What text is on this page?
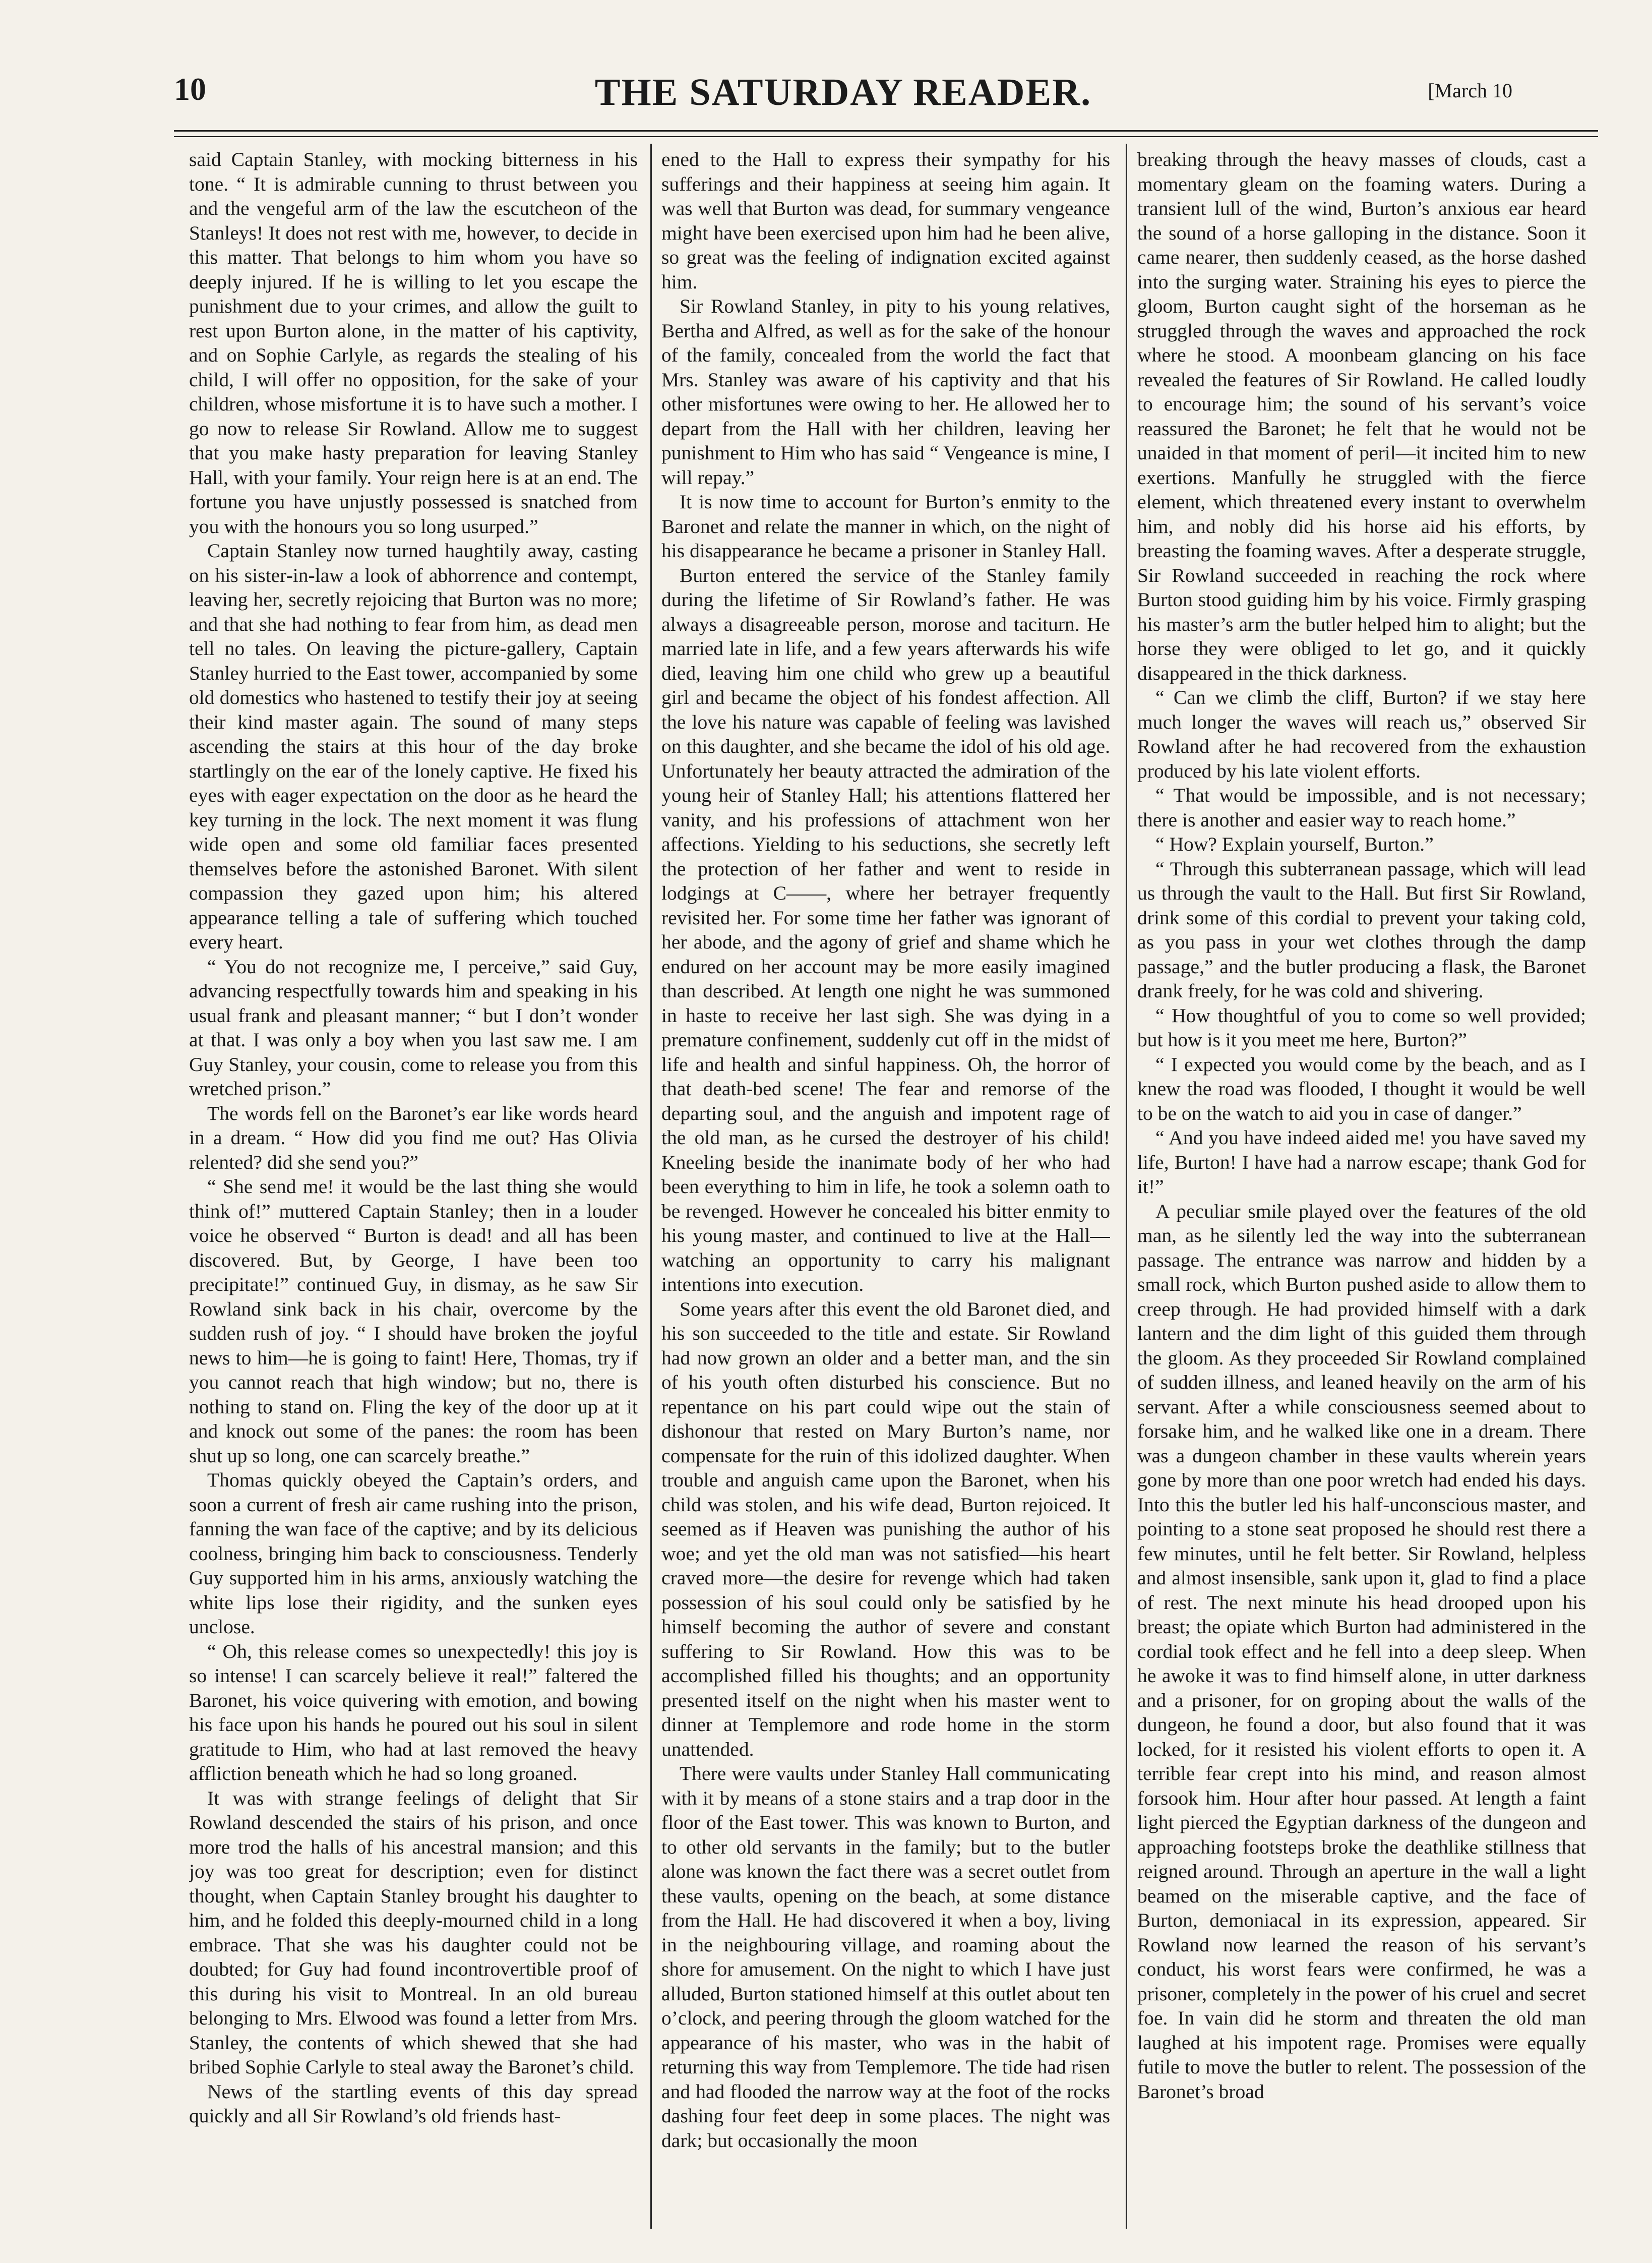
10	THE SATURDAY READER.	[March 10

said Captain Stanley, with mocking bitterness in his tone. “ It is admirable cunning to thrust between you and the vengeful arm of the law the escutcheon of the Stanleys! It does not rest with me, however, to decide in this matter. That belongs to him whom you have so deeply injured. If he is willing to let you escape the punishment due to your crimes, and allow the guilt to rest upon Burton alone, in the matter of his captivity, and on Sophie Carlyle, as regards the stealing of his child, I will offer no opposition, for the sake of your children, whose misfortune it is to have such a mother. I go now to release Sir Rowland. Allow me to suggest that you make hasty preparation for leaving Stanley Hall, with your family. Your reign here is at an end. The fortune you have unjustly possessed is snatched from you with the honours you so long usurped.”

Captain Stanley now turned haughtily away, casting on his sister-in-law a look of abhorrence and contempt, leaving her, secretly rejoicing that Burton was no more; and that she had nothing to fear from him, as dead men tell no tales. On leaving the picture-gallery, Captain Stanley hurried to the East tower, accompanied by some old domestics who hastened to testify their joy at seeing their kind master again. The sound of many steps ascending the stairs at this hour of the day broke startlingly on the ear of the lonely captive. He fixed his eyes with eager expectation on the door as he heard the key turning in the lock. The next moment it was flung wide open and some old familiar faces presented themselves before the astonished Baronet. With silent compassion they gazed upon him; his altered appearance telling a tale of suffering which touched every heart.

“ You do not recognize me, I perceive,” said Guy, advancing respectfully towards him and speaking in his usual frank and pleasant manner; “ but I don’t wonder at that. I was only a boy when you last saw me. I am Guy Stanley, your cousin, come to release you from this wretched prison.”

The words fell on the Baronet’s ear like words heard in a dream. “ How did you find me out? Has Olivia relented? did she send you?”

“ She send me! it would be the last thing she would think of!” muttered Captain Stanley; then in a louder voice he observed “ Burton is dead! and all has been discovered. But, by George, I have been too precipitate!” continued Guy, in dismay, as he saw Sir Rowland sink back in his chair, overcome by the sudden rush of joy. “ I should have broken the joyful news to him—he is going to faint! Here, Thomas, try if you cannot reach that high window; but no, there is nothing to stand on. Fling the key of the door up at it and knock out some of the panes: the room has been shut up so long, one can scarcely breathe.”

Thomas quickly obeyed the Captain’s orders, and soon a current of fresh air came rushing into the prison, fanning the wan face of the captive; and by its delicious coolness, bringing him back to consciousness. Tenderly Guy supported him in his arms, anxiously watching the white lips lose their rigidity, and the sunken eyes unclose.

“ Oh, this release comes so unexpectedly! this joy is so intense! I can scarcely believe it real!” faltered the Baronet, his voice quivering with emotion, and bowing his face upon his hands he poured out his soul in silent gratitude to Him, who had at last removed the heavy affliction beneath which he had so long groaned.

It was with strange feelings of delight that Sir Rowland descended the stairs of his prison, and once more trod the halls of his ancestral mansion; and this joy was too great for description; even for distinct thought, when Captain Stanley brought his daughter to him, and he folded this deeply-mourned child in a long embrace. That she was his daughter could not be doubted; for Guy had found incontrovertible proof of this during his visit to Montreal. In an old bureau belonging to Mrs. Elwood was found a letter from Mrs. Stanley, the contents of which shewed that she had bribed Sophie Carlyle to steal away the Baronet’s child.

News of the startling events of this day spread quickly and all Sir Rowland’s old friends hast-

ened to the Hall to express their sympathy for his sufferings and their happiness at seeing him again. It was well that Burton was dead, for summary vengeance might have been exercised upon him had he been alive, so great was the feeling of indignation excited against him.

Sir Rowland Stanley, in pity to his young relatives, Bertha and Alfred, as well as for the sake of the honour of the family, concealed from the world the fact that Mrs. Stanley was aware of his captivity and that his other misfortunes were owing to her. He allowed her to depart from the Hall with her children, leaving her punishment to Him who has said “ Vengeance is mine, I will repay.”

It is now time to account for Burton’s enmity to the Baronet and relate the manner in which, on the night of his disappearance he became a prisoner in Stanley Hall.

Burton entered the service of the Stanley family during the lifetime of Sir Rowland’s father. He was always a disagreeable person, morose and taciturn. He married late in life, and a few years afterwards his wife died, leaving him one child who grew up a beautiful girl and became the object of his fondest affection. All the love his nature was capable of feeling was lavished on this daughter, and she became the idol of his old age. Unfortunately her beauty attracted the admiration of the young heir of Stanley Hall; his attentions flattered her vanity, and his professions of attachment won her affections. Yielding to his seductions, she secretly left the protection of her father and went to reside in lodgings at C——, where her betrayer frequently revisited her. For some time her father was ignorant of her abode, and the agony of grief and shame which he endured on her account may be more easily imagined than described. At length one night he was summoned in haste to receive her last sigh. She was dying in a premature confinement, suddenly cut off in the midst of life and health and sinful happiness. Oh, the horror of that death-bed scene! The fear and remorse of the departing soul, and the anguish and impotent rage of the old man, as he cursed the destroyer of his child! Kneeling beside the inanimate body of her who had been everything to him in life, he took a solemn oath to be revenged. However he concealed his bitter enmity to his young master, and continued to live at the Hall—watching an opportunity to carry his malignant intentions into execution.

Some years after this event the old Baronet died, and his son succeeded to the title and estate. Sir Rowland had now grown an older and a better man, and the sin of his youth often disturbed his conscience. But no repentance on his part could wipe out the stain of dishonour that rested on Mary Burton’s name, nor compensate for the ruin of this idolized daughter. When trouble and anguish came upon the Baronet, when his child was stolen, and his wife dead, Burton rejoiced. It seemed as if Heaven was punishing the author of his woe; and yet the old man was not satisfied—his heart craved more—the desire for revenge which had taken possession of his soul could only be satisfied by he himself becoming the author of severe and constant suffering to Sir Rowland. How this was to be accomplished filled his thoughts; and an opportunity presented itself on the night when his master went to dinner at Templemore and rode home in the storm unattended.

There were vaults under Stanley Hall communicating with it by means of a stone stairs and a trap door in the floor of the East tower. This was known to Burton, and to other old servants in the family; but to the butler alone was known the fact there was a secret outlet from these vaults, opening on the beach, at some distance from the Hall. He had discovered it when a boy, living in the neighbouring village, and roaming about the shore for amusement. On the night to which I have just alluded, Burton stationed himself at this outlet about ten o’clock, and peering through the gloom watched for the appearance of his master, who was in the habit of returning this way from Templemore. The tide had risen and had flooded the narrow way at the foot of the rocks dashing four feet deep in some places. The night was dark; but occasionally the moon

breaking through the heavy masses of clouds, cast a momentary gleam on the foaming waters. During a transient lull of the wind, Burton’s anxious ear heard the sound of a horse galloping in the distance. Soon it came nearer, then suddenly ceased, as the horse dashed into the surging water. Straining his eyes to pierce the gloom, Burton caught sight of the horseman as he struggled through the waves and approached the rock where he stood. A moonbeam glancing on his face revealed the features of Sir Rowland. He called loudly to encourage him; the sound of his servant’s voice reassured the Baronet; he felt that he would not be unaided in that moment of peril—it incited him to new exertions. Manfully he struggled with the fierce element, which threatened every instant to overwhelm him, and nobly did his horse aid his efforts, by breasting the foaming waves. After a desperate struggle, Sir Rowland succeeded in reaching the rock where Burton stood guiding him by his voice. Firmly grasping his master’s arm the butler helped him to alight; but the horse they were obliged to let go, and it quickly disappeared in the thick darkness.

“ Can we climb the cliff, Burton? if we stay here much longer the waves will reach us,” observed Sir Rowland after he had recovered from the exhaustion produced by his late violent efforts.

“ That would be impossible, and is not necessary; there is another and easier way to reach home.”

“ How? Explain yourself, Burton.”

“ Through this subterranean passage, which will lead us through the vault to the Hall. But first Sir Rowland, drink some of this cordial to prevent your taking cold, as you pass in your wet clothes through the damp passage,” and the butler producing a flask, the Baronet drank freely, for he was cold and shivering.

“ How thoughtful of you to come so well provided; but how is it you meet me here, Burton?”

“ I expected you would come by the beach, and as I knew the road was flooded, I thought it would be well to be on the watch to aid you in case of danger.”

“ And you have indeed aided me! you have saved my life, Burton! I have had a narrow escape; thank God for it!”

A peculiar smile played over the features of the old man, as he silently led the way into the subterranean passage. The entrance was narrow and hidden by a small rock, which Burton pushed aside to allow them to creep through. He had provided himself with a dark lantern and the dim light of this guided them through the gloom. As they proceeded Sir Rowland complained of sudden illness, and leaned heavily on the arm of his servant. After a while consciousness seemed about to forsake him, and he walked like one in a dream. There was a dungeon chamber in these vaults wherein years gone by more than one poor wretch had ended his days. Into this the butler led his half-unconscious master, and pointing to a stone seat proposed he should rest there a few minutes, until he felt better. Sir Rowland, helpless and almost insensible, sank upon it, glad to find a place of rest. The next minute his head drooped upon his breast; the opiate which Burton had administered in the cordial took effect and he fell into a deep sleep. When he awoke it was to find himself alone, in utter darkness and a prisoner, for on groping about the walls of the dungeon, he found a door, but also found that it was locked, for it resisted his violent efforts to open it. A terrible fear crept into his mind, and reason almost forsook him. Hour after hour passed. At length a faint light pierced the Egyptian darkness of the dungeon and approaching footsteps broke the deathlike stillness that reigned around. Through an aperture in the wall a light beamed on the miserable captive, and the face of Burton, demoniacal in its expression, appeared. Sir Rowland now learned the reason of his servant’s conduct, his worst fears were confirmed, he was a prisoner, completely in the power of his cruel and secret foe. In vain did he storm and threaten the old man laughed at his impotent rage. Promises were equally futile to move the butler to relent. The possession of the Baronet’s broad
